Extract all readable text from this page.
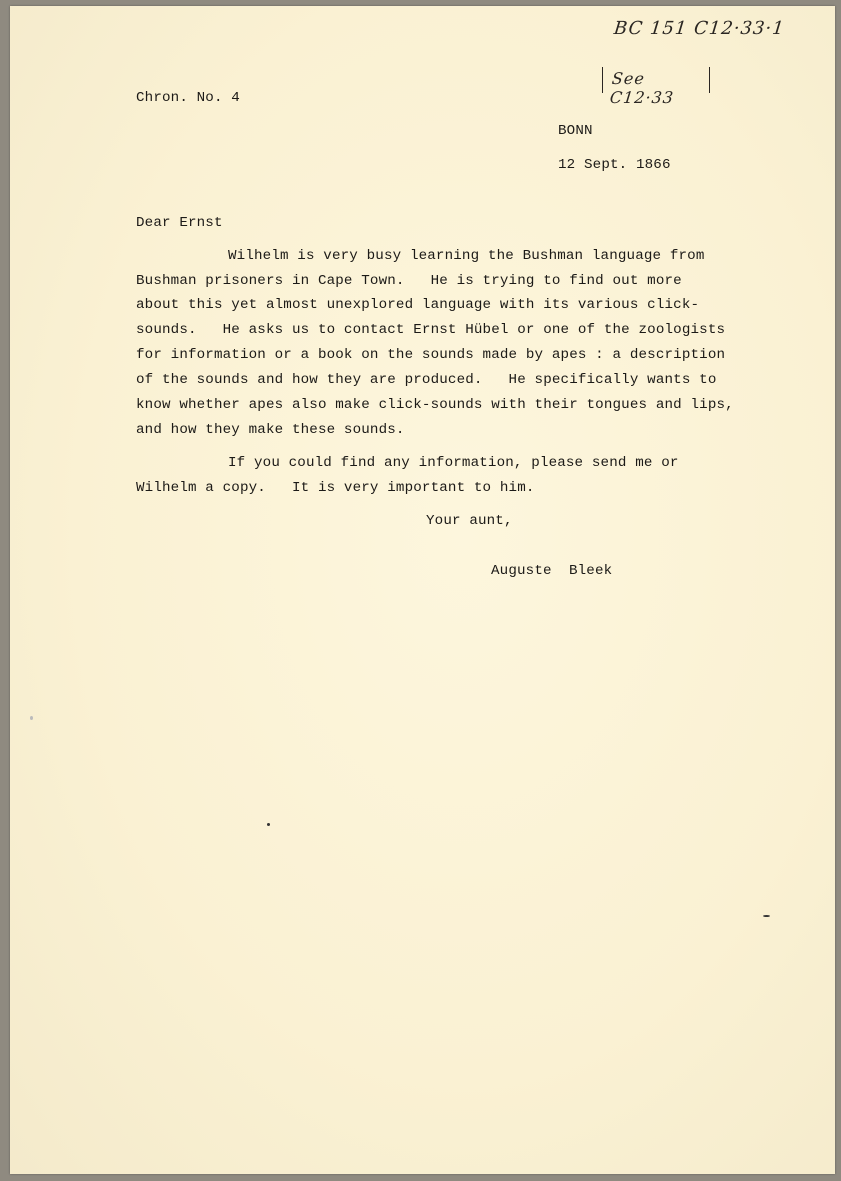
BC 151 C12·33·1
See C12·33
Chron. No. 4
BONN
12 Sept. 1866
Dear Ernst
Wilhelm is very busy learning the Bushman language from
Bushman prisoners in Cape Town.   He is trying to find out more
about this yet almost unexplored language with its various click-
sounds.   He asks us to contact Ernst Hübel or one of the zoologists
for information or a book on the sounds made by apes : a description
of the sounds and how they are produced.   He specifically wants to
know whether apes also make click-sounds with their tongues and lips,
and how they make these sounds.
If you could find any information, please send me or
Wilhelm a copy.   It is very important to him.
Your aunt,
Auguste  Bleek
